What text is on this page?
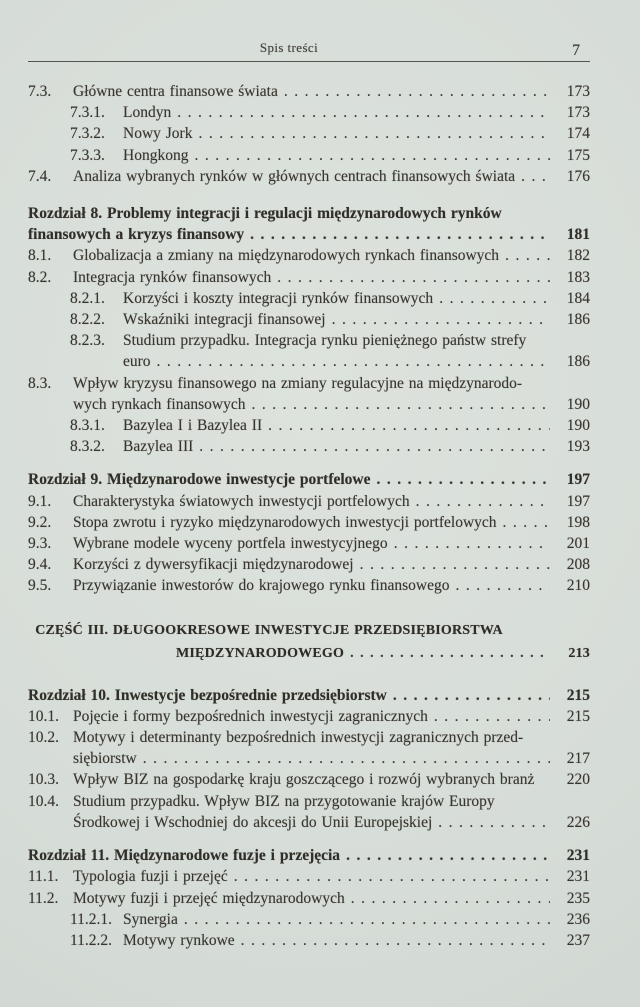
Spis treści	7
7.3.	Główne centra finansowe świata .....	173
7.3.1.	Londyn .....	173
7.3.2.	Nowy Jork .....	174
7.3.3.	Hongkong .....	175
7.4.	Analiza wybranych rynków w głównych centrach finansowych świata .....	176
Rozdział 8. Problemy integracji i regulacji międzynarodowych rynków
finansowych a kryzys finansowy .....	181
8.1.	Globalizacja a zmiany na międzynarodowych rynkach finansowych .....	182
8.2.	Integracja rynków finansowych .....	183
8.2.1.	Korzyści i koszty integracji rynków finansowych .....	184
8.2.2.	Wskaźniki integracji finansowej .....	186
8.2.3.	Studium przypadku. Integracja rynku pieniężnego państw strefy
euro .....	186
8.3.	Wpływ kryzysu finansowego na zmiany regulacyjne na międzynarodo-
wych rynkach finansowych .....	190
8.3.1.	Bazylea I i Bazylea II .....	190
8.3.2.	Bazylea III .....	193
Rozdział 9. Międzynarodowe inwestycje portfelowe .....	197
9.1.	Charakterystyka światowych inwestycji portfelowych .....	197
9.2.	Stopa zwrotu i ryzyko międzynarodowych inwestycji portfelowych .....	198
9.3.	Wybrane modele wyceny portfela inwestycyjnego .....	201
9.4.	Korzyści z dywersyfikacji międzynarodowej .....	208
9.5.	Przywiązanie inwestorów do krajowego rynku finansowego .....	210
CZĘŚĆ III. DŁUGOOKRESOWE INWESTYCJE PRZEDSIĘBIORSTWA
MIĘDZYNARODOWEGO .....	213
Rozdział 10. Inwestycje bezpośrednie przedsiębiorstw .....	215
10.1. Pojęcie i formy bezpośrednich inwestycji zagranicznych .....	215
10.2. Motywy i determinanty bezpośrednich inwestycji zagranicznych przed-
siębiorstw .....	217
10.3. Wpływ BIZ na gospodarkę kraju goszczącego i rozwój wybranych branż	220
10.4. Studium przypadku. Wpływ BIZ na przygotowanie krajów Europy
Środkowej i Wschodniej do akcesji do Unii Europejskiej .....	226
Rozdział 11. Międzynarodowe fuzje i przejęcia .....	231
11.1. Typologia fuzji i przejęć .....	231
11.2. Motywy fuzji i przejęć międzynarodowych .....	235
11.2.1. Synergia .....	236
11.2.2. Motywy rynkowe .....	237
